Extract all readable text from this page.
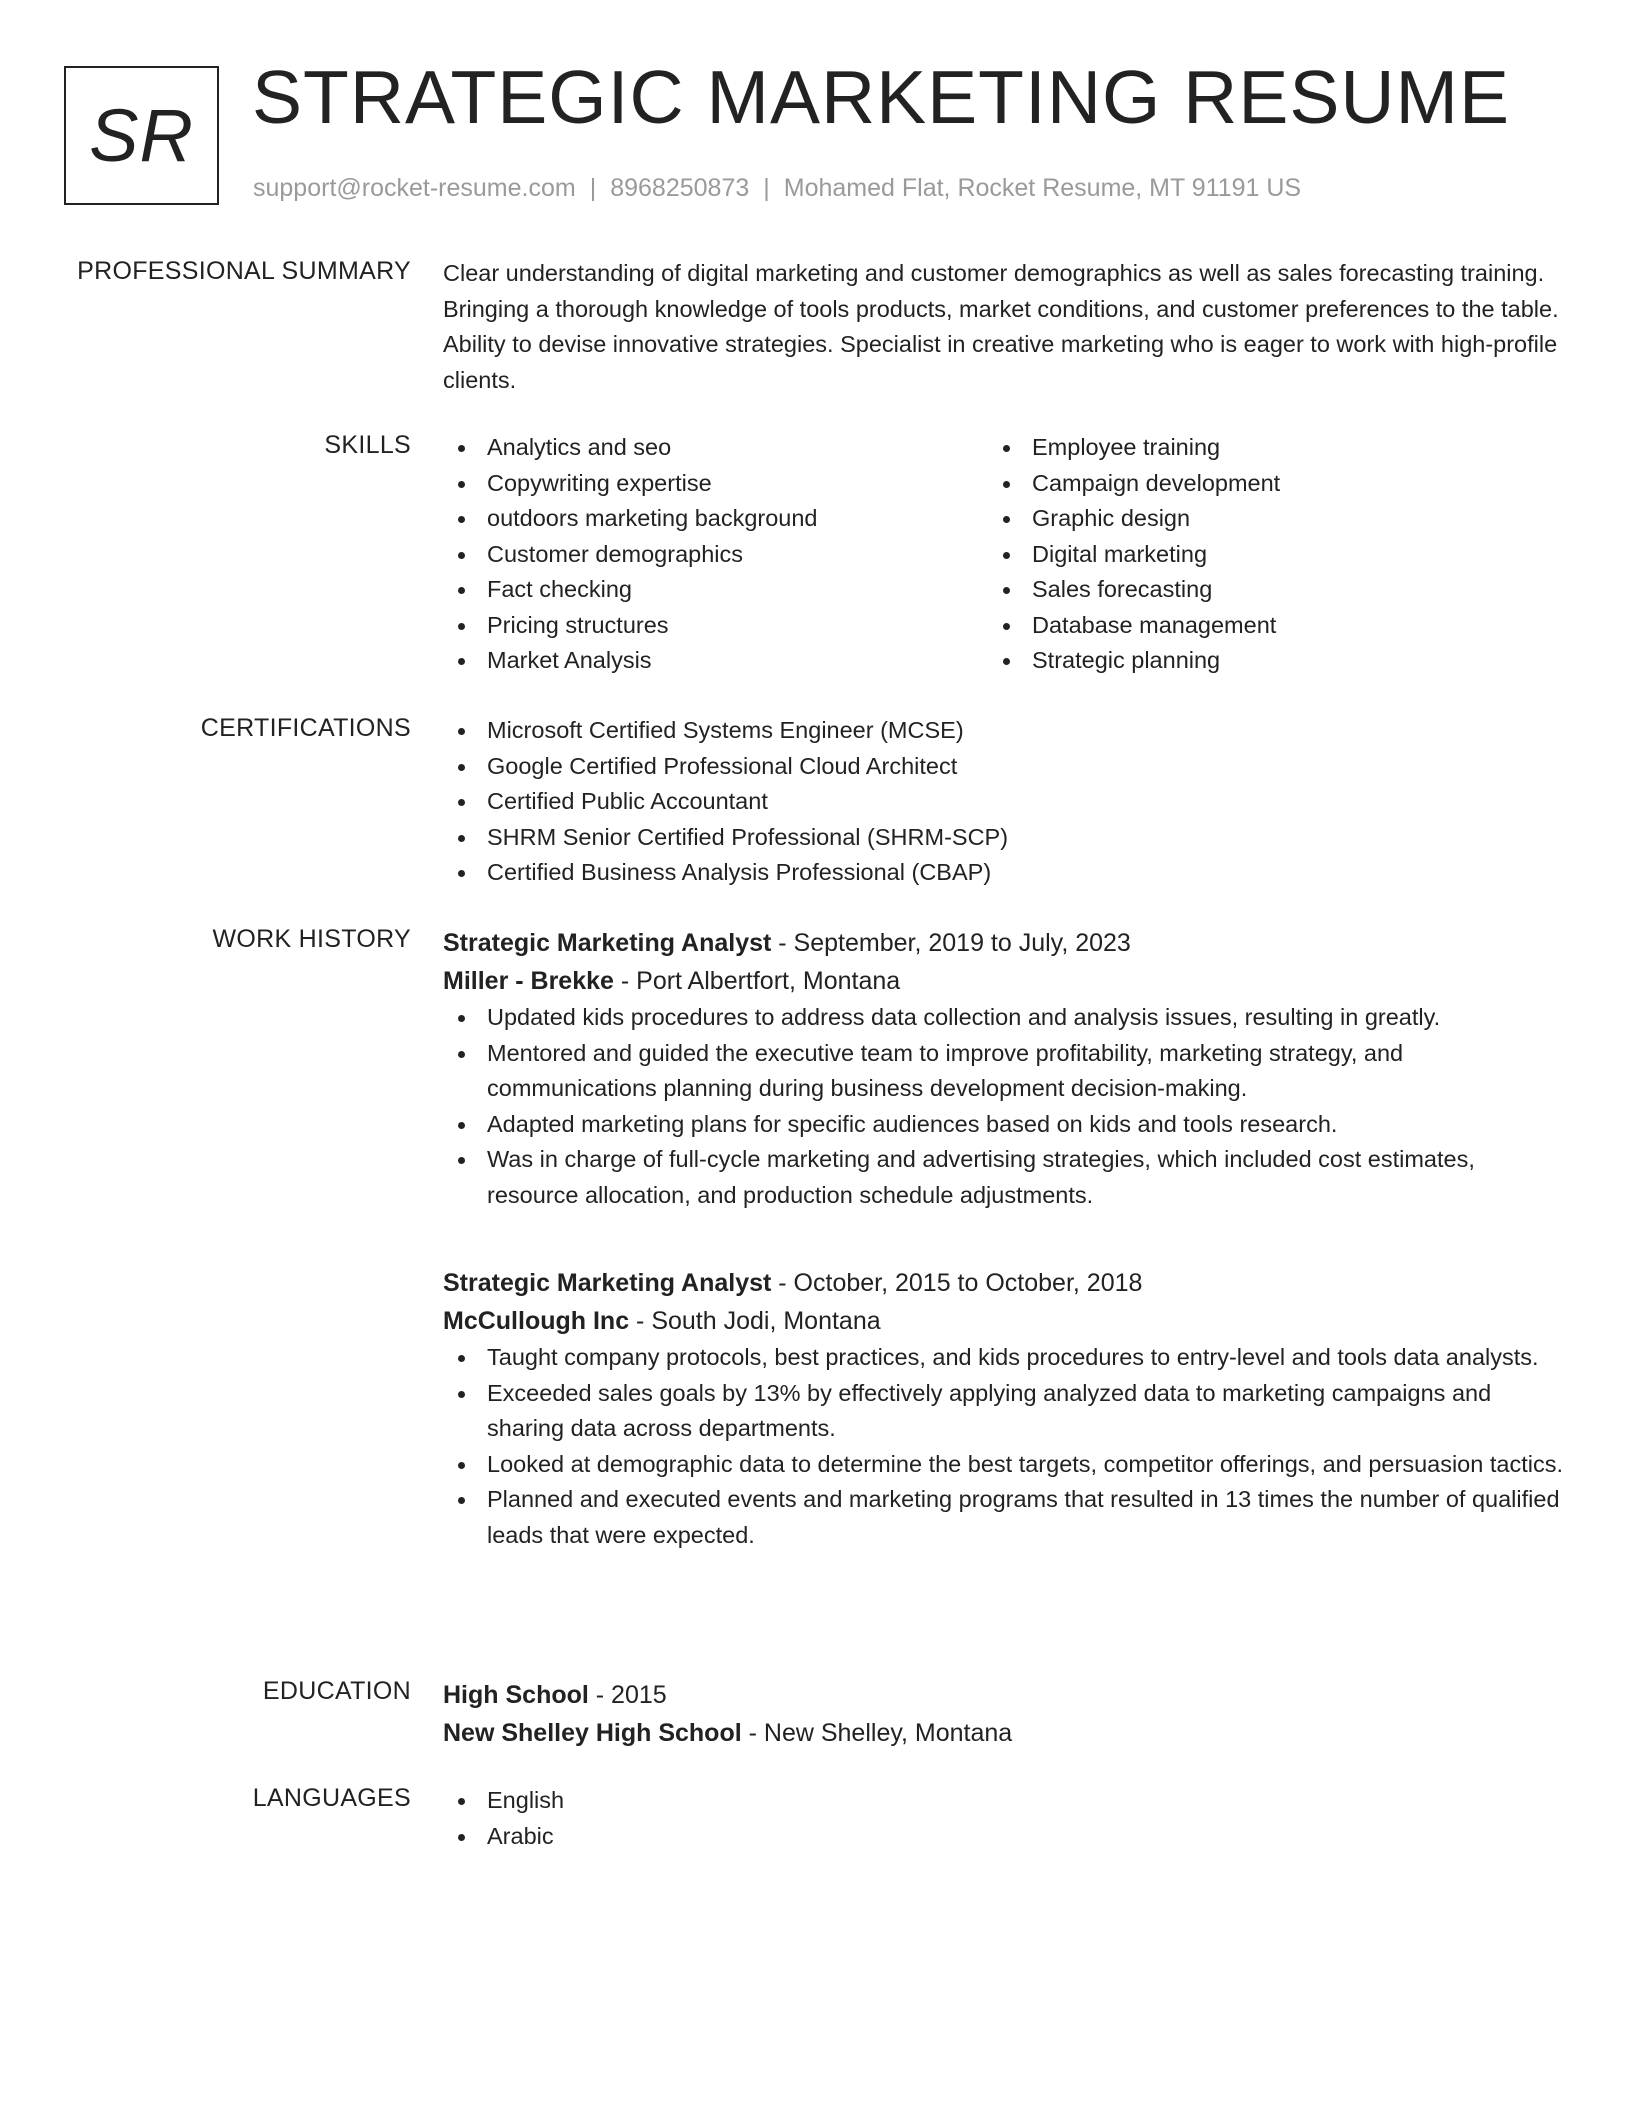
SR STRATEGIC MARKETING RESUME
support@rocket-resume.com | 8968250873 | Mohamed Flat, Rocket Resume, MT 91191 US
PROFESSIONAL SUMMARY Clear understanding of digital marketing and customer demographics as well as sales forecasting training. Bringing a thorough knowledge of tools products, market conditions, and customer preferences to the table. Ability to devise innovative strategies. Specialist in creative marketing who is eager to work with high-profile clients.
SKILLS	Analytics and seo
Copywriting expertise
outdoors marketing background
Customer demographics
Fact checking
Pricing structures
Market Analysis
Employee training
Campaign development
Graphic design
Digital marketing
Sales forecasting
Database management
Strategic planning
CERTIFICATIONS	Microsoft Certified Systems Engineer (MCSE)
Google Certified Professional Cloud Architect
Certified Public Accountant
SHRM Senior Certified Professional (SHRM-SCP)
Certified Business Analysis Professional (CBAP)
WORK HISTORY Strategic Marketing Analyst - September, 2019 to July, 2023
Miller - Brekke - Port Albertfort, Montana
Updated kids procedures to address data collection and analysis issues, resulting in greatly.
Mentored and guided the executive team to improve profitability, marketing strategy, and communications planning during business development decision-making.
Adapted marketing plans for specific audiences based on kids and tools research.
Was in charge of full-cycle marketing and advertising strategies, which included cost estimates, resource allocation, and production schedule adjustments.
Strategic Marketing Analyst - October, 2015 to October, 2018
McCullough Inc - South Jodi, Montana
Taught company protocols, best practices, and kids procedures to entry-level and tools data analysts.
Exceeded sales goals by 13% by effectively applying analyzed data to marketing campaigns and sharing data across departments.
Looked at demographic data to determine the best targets, competitor offerings, and persuasion tactics.
Planned and executed events and marketing programs that resulted in 13 times the number of qualified leads that were expected.
EDUCATION High School - 2015
New Shelley High School - New Shelley, Montana
LANGUAGES	English
Arabic
